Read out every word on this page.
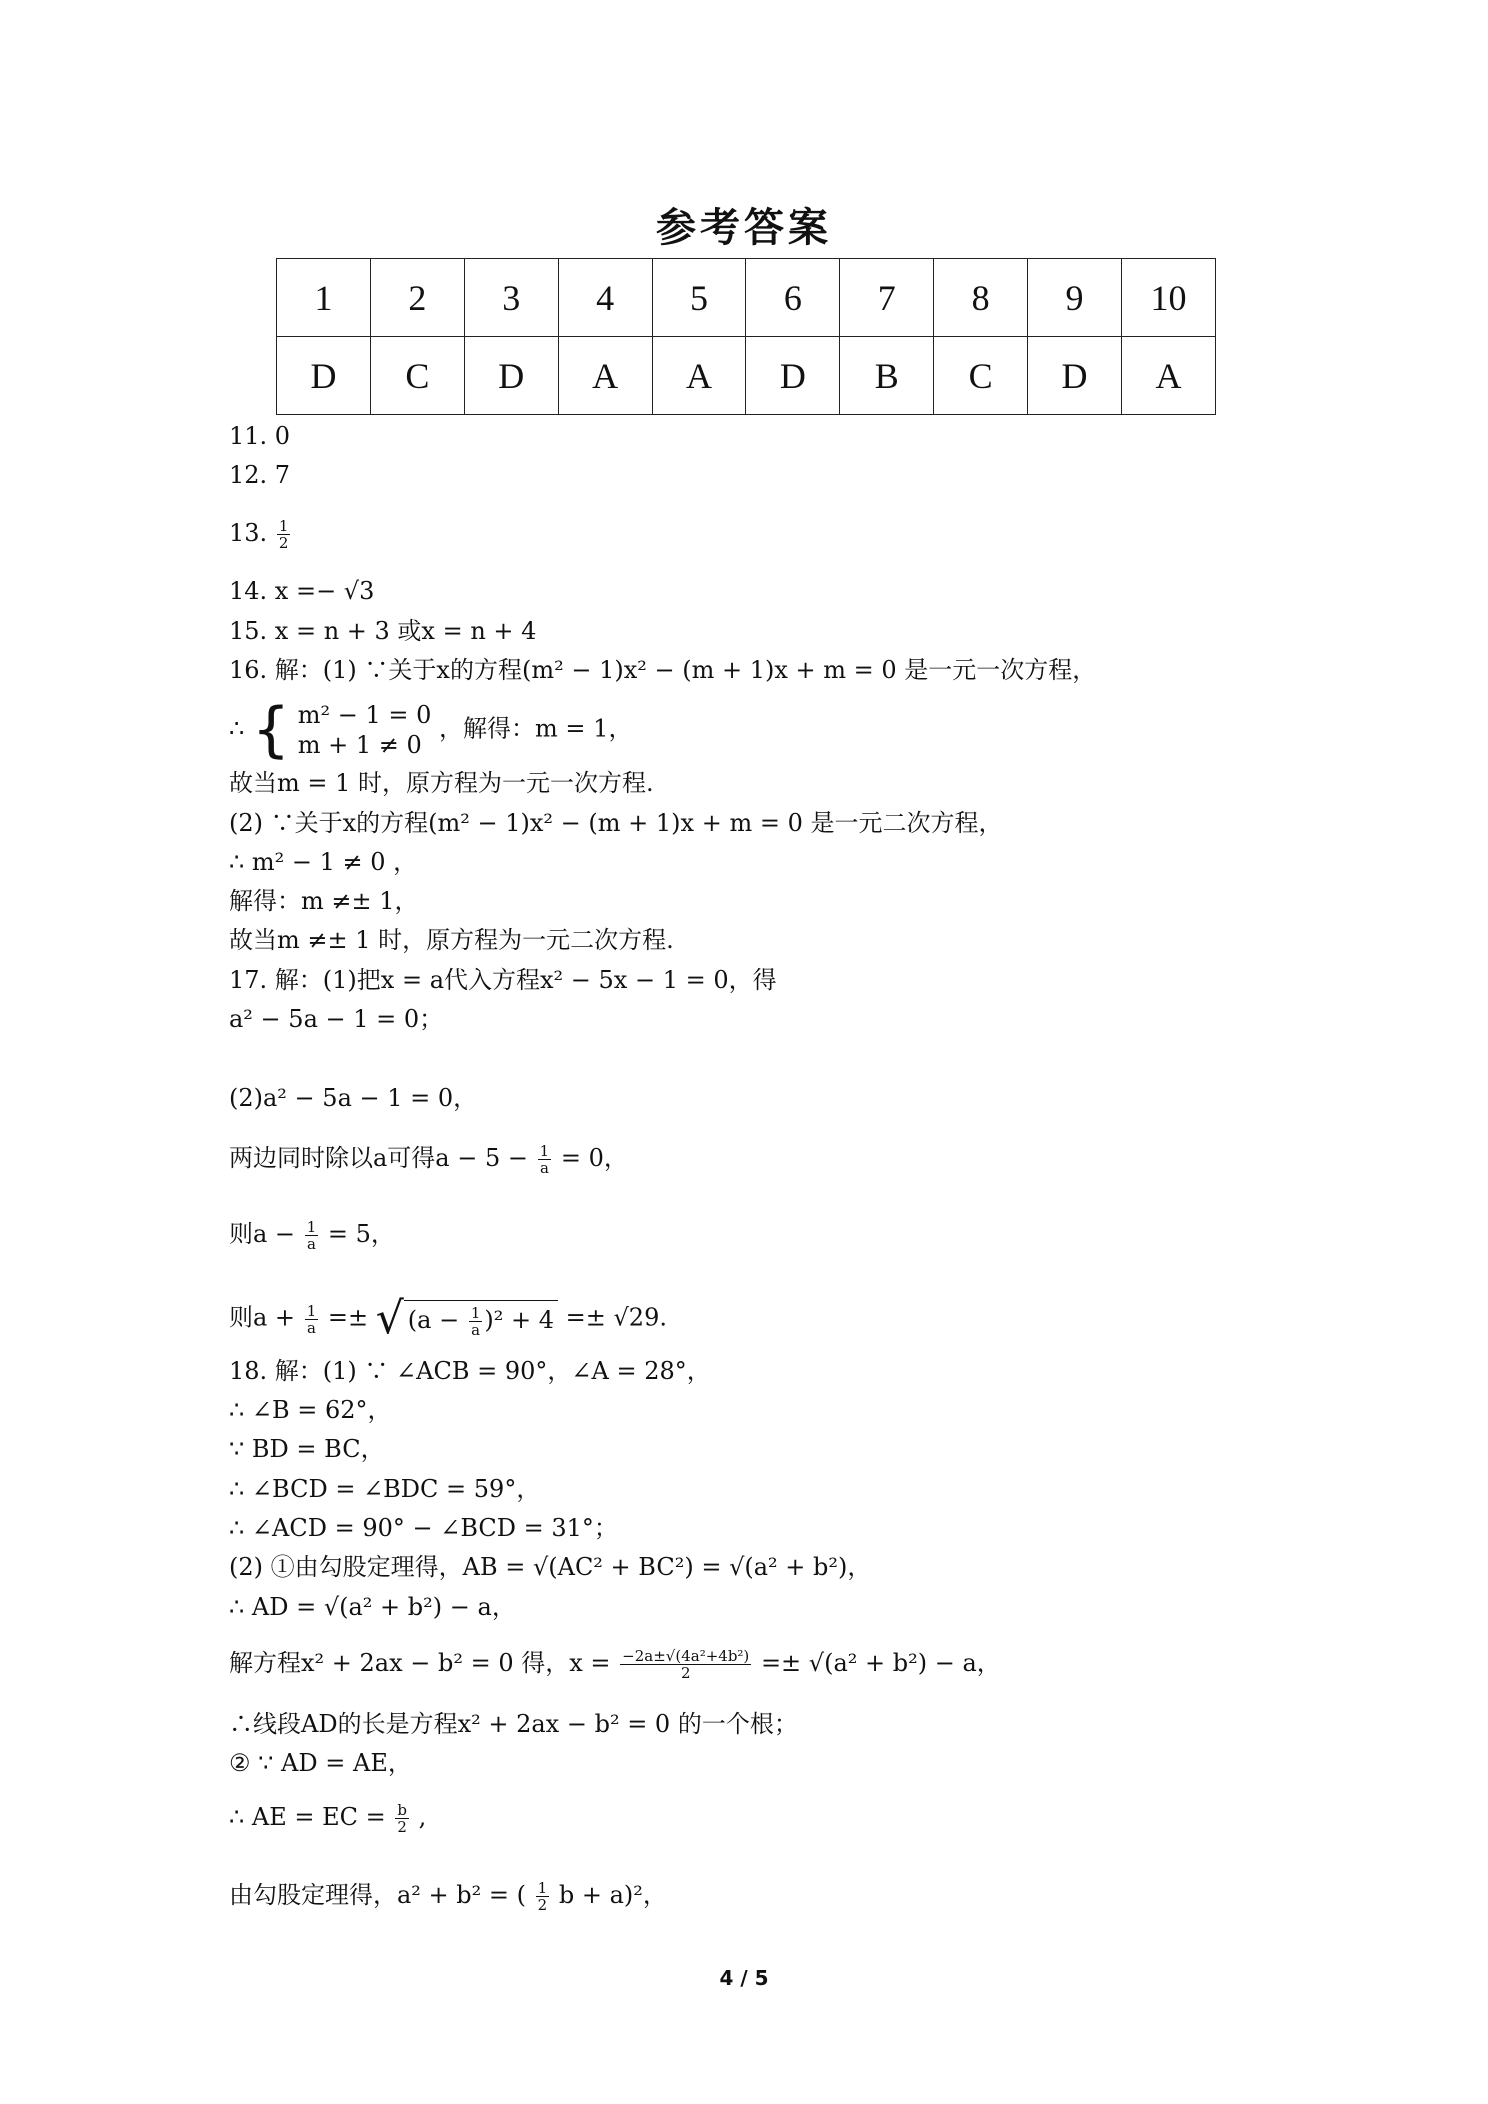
参考答案
1	2	3	4	5	6	7	8	9	10
D	C	D	A	A	D	B	C	D	A
11. 0
12. 7
13. $\frac{1}{2}$
14. x =− √3
15. x = n + 3 或x = n + 4
16. 解：(1) ∵关于x的方程(m² − 1)x² − (m + 1)x + m = 0 是一元一次方程，
∴ { m² − 1 = 0
m + 1 ≠ 0
，解得：m = 1，
故当m = 1 时，原方程为一元一次方程.
(2) ∵关于x的方程(m² − 1)x² − (m + 1)x + m = 0 是一元二次方程，
∴ m² − 1 ≠ 0 ，
解得：m ≠± 1，
故当m ≠± 1 时，原方程为一元二次方程.
17. 解：(1)把x = a代入方程x² − 5x − 1 = 0，得
a² − 5a − 1 = 0；
(2)a² − 5a − 1 = 0，
两边同时除以a可得$a - 5 - \frac{1}{a} = 0$，
则$a - \frac{1}{a} = 5$，
则$a + \frac{1}{a}$ =± √ $(a - \frac{1}{a} )^2 + 4 =\pm √29$.
18. 解：(1) ∵ ∠ACB = 90°，∠A = 28°，
∴ ∠B = 62°，
∵ BD = BC，
∴ ∠BCD = ∠BDC = 59°，
∴ ∠ACD = 90° − ∠BCD = 31°；
(2) ①由勾股定理得，AB = √(AC² + BC²) = √(a² + b²)，
∴ AD = √(a² + b²) − a，
解方程x² + 2ax − b² = 0 得，$x = \frac{\text{−2a±√(4a²+4b²)}}{2} =\pm √(a^2 + b^2) - a$，
∴线段AD的长是方程x² + 2ax − b² = 0 的一个根；
② ∵ AD = AE，
∴ AE = EC = $\frac{b}{2}$ ,
由勾股定理得，a² + b² = ( $\frac{1}{2}$ b + a)²，
4 / 5
